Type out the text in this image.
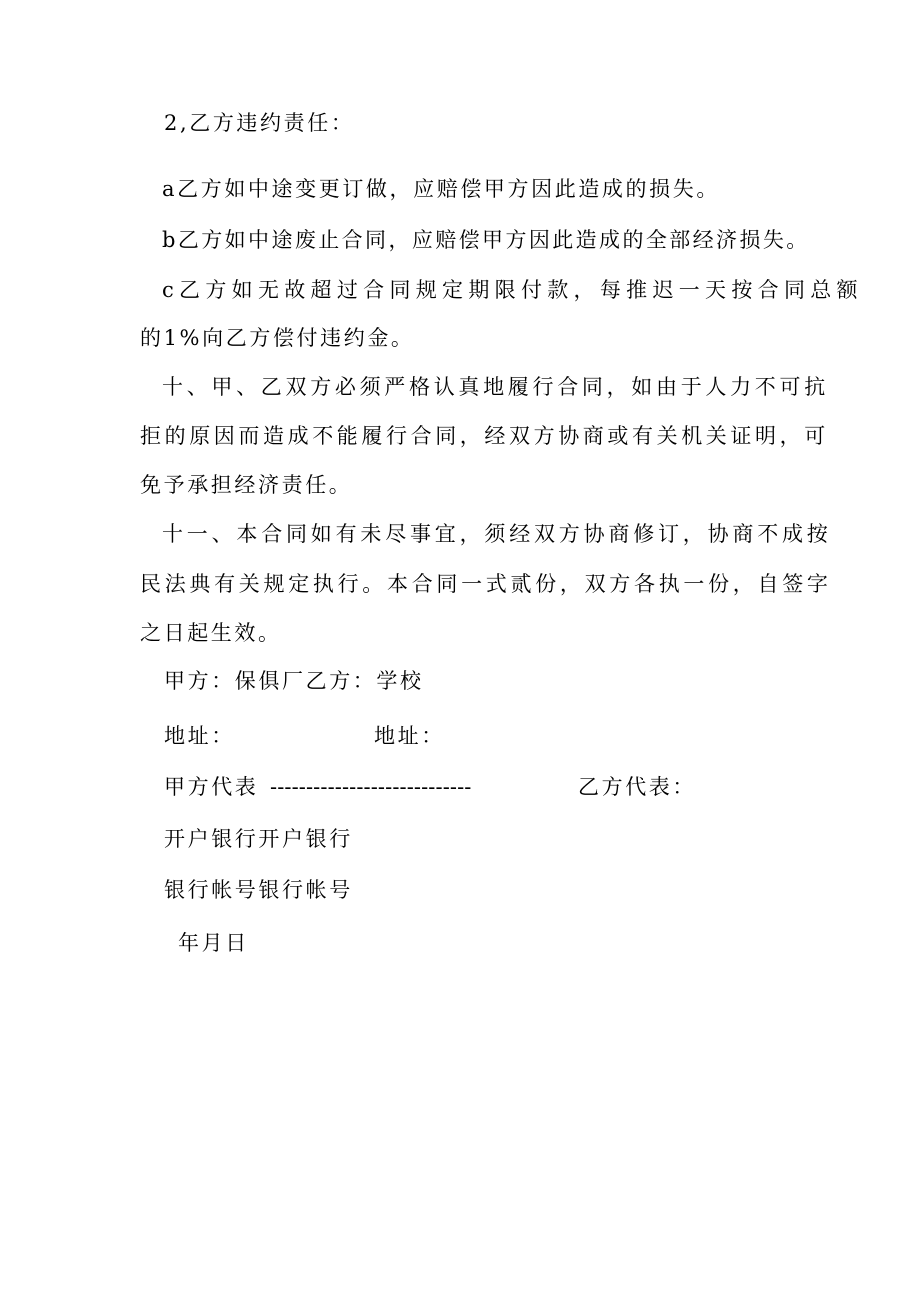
2,乙方违约责任：
a乙方如中途变更订做，应赔偿甲方因此造成的损失。
b乙方如中途废止合同，应赔偿甲方因此造成的全部经济损失。
c乙方如无故超过合同规定期限付款，每推迟一天按合同总额
的1%向乙方偿付违约金。
十、甲、乙双方必须严格认真地履行合同，如由于人力不可抗
拒的原因而造成不能履行合同，经双方协商或有关机关证明，可
免予承担经济责任。
十一、本合同如有未尽事宜，须经双方协商修订，协商不成按
民法典有关规定执行。本合同一式贰份，双方各执一份，自签字
之日起生效。
甲方：保俱厂乙方：学校
地址：	地址：
甲方代表 ----------------------------	乙方代表：
开户银行开户银行
银行帐号银行帐号
年月日
